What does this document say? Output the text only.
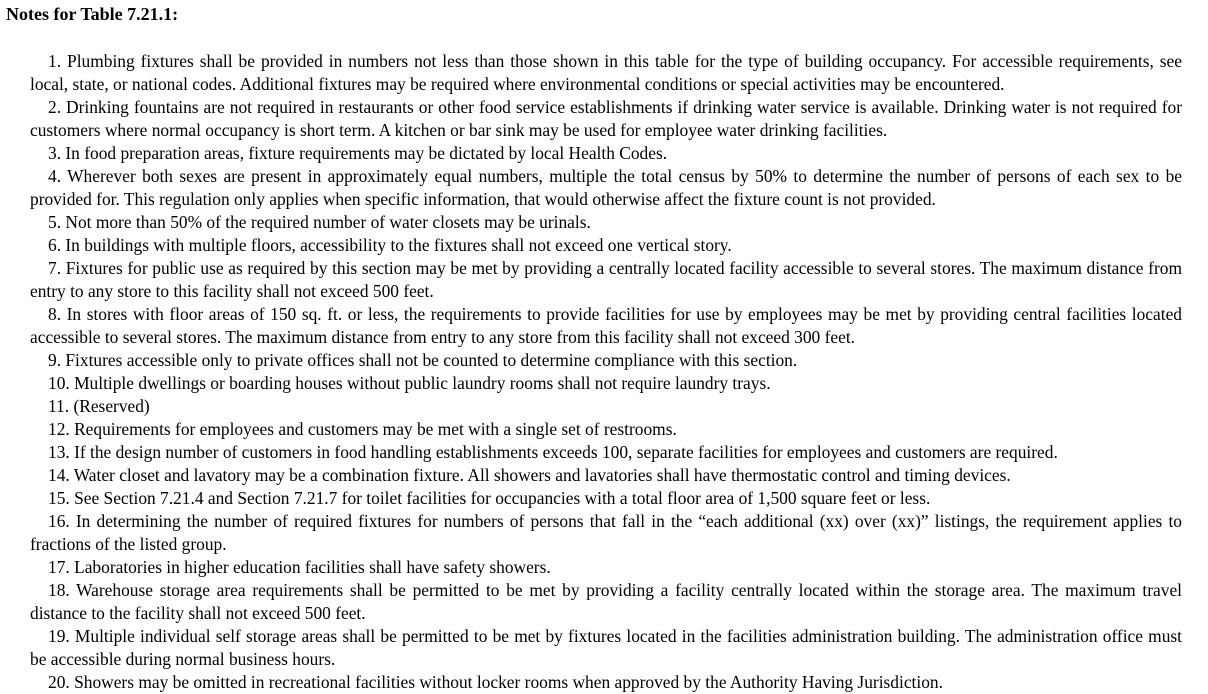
Notes for Table 7.21.1:
1. Plumbing fixtures shall be provided in numbers not less than those shown in this table for the type of building occupancy. For accessible requirements, see local, state, or national codes. Additional fixtures may be required where environmental conditions or special activities may be encountered.
2. Drinking fountains are not required in restaurants or other food service establishments if drinking water service is available. Drinking water is not required for customers where normal occupancy is short term. A kitchen or bar sink may be used for employee water drinking facilities.
3. In food preparation areas, fixture requirements may be dictated by local Health Codes.
4. Wherever both sexes are present in approximately equal numbers, multiple the total census by 50% to determine the number of persons of each sex to be provided for. This regulation only applies when specific information, that would otherwise affect the fixture count is not provided.
5. Not more than 50% of the required number of water closets may be urinals.
6. In buildings with multiple floors, accessibility to the fixtures shall not exceed one vertical story.
7. Fixtures for public use as required by this section may be met by providing a centrally located facility accessible to several stores. The maximum distance from entry to any store to this facility shall not exceed 500 feet.
8. In stores with floor areas of 150 sq. ft. or less, the requirements to provide facilities for use by employees may be met by providing central facilities located accessible to several stores. The maximum distance from entry to any store from this facility shall not exceed 300 feet.
9. Fixtures accessible only to private offices shall not be counted to determine compliance with this section.
10. Multiple dwellings or boarding houses without public laundry rooms shall not require laundry trays.
11. (Reserved)
12. Requirements for employees and customers may be met with a single set of restrooms.
13. If the design number of customers in food handling establishments exceeds 100, separate facilities for employees and customers are required.
14. Water closet and lavatory may be a combination fixture. All showers and lavatories shall have thermostatic control and timing devices.
15. See Section 7.21.4 and Section 7.21.7 for toilet facilities for occupancies with a total floor area of 1,500 square feet or less.
16. In determining the number of required fixtures for numbers of persons that fall in the “each additional (xx) over (xx)” listings, the requirement applies to fractions of the listed group.
17. Laboratories in higher education facilities shall have safety showers.
18. Warehouse storage area requirements shall be permitted to be met by providing a facility centrally located within the storage area. The maximum travel distance to the facility shall not exceed 500 feet.
19. Multiple individual self storage areas shall be permitted to be met by fixtures located in the facilities administration building. The administration office must be accessible during normal business hours.
20. Showers may be omitted in recreational facilities without locker rooms when approved by the Authority Having Jurisdiction.
